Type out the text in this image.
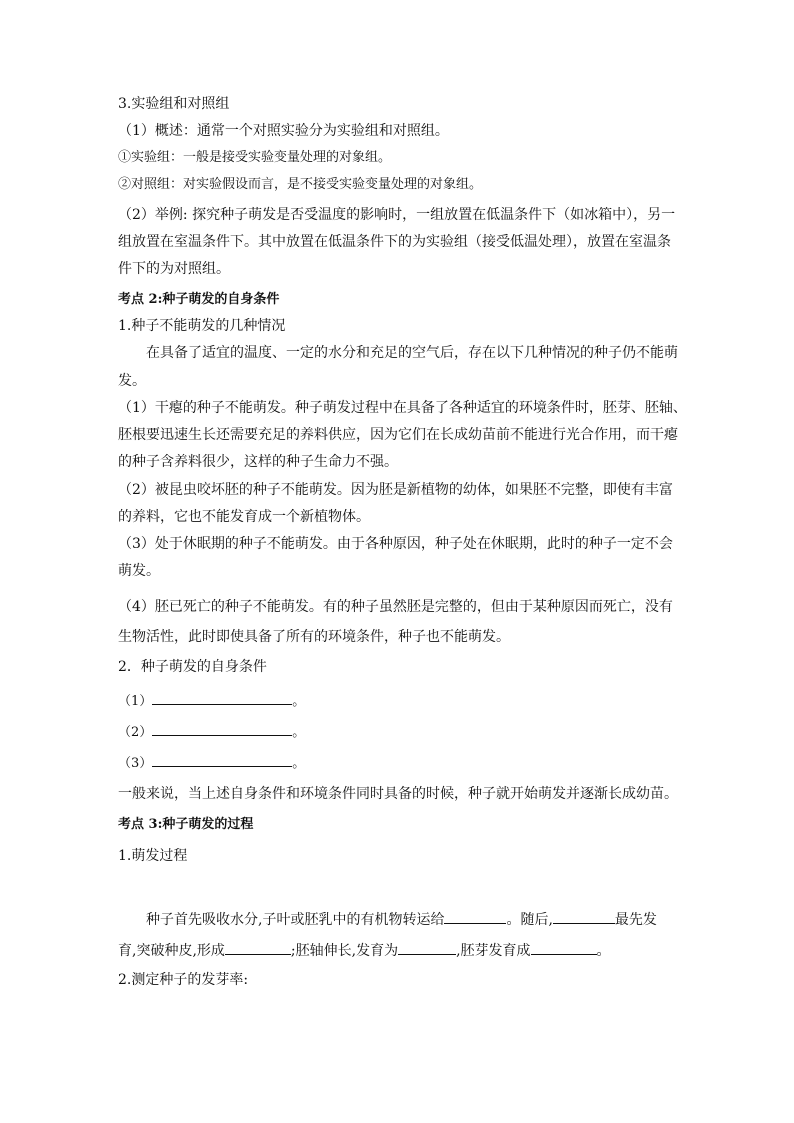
3.实验组和对照组
（1）概述：通常一个对照实验分为实验组和对照组。
①实验组：一般是接受实验变量处理的对象组。
②对照组：对实验假设而言，是不接受实验变量处理的对象组。
（2）举例: 探究种子萌发是否受温度的影响时，一组放置在低温条件下（如冰箱中），另一
组放置在室温条件下。其中放置在低温条件下的为实验组（接受低温处理），放置在室温条
件下的为对照组。
考点 2:种子萌发的自身条件
1.种子不能萌发的几种情况
在具备了适宜的温度、一定的水分和充足的空气后，存在以下几种情况的种子仍不能萌
发。
（1）干瘪的种子不能萌发。种子萌发过程中在具备了各种适宜的环境条件时，胚芽、胚轴、
胚根要迅速生长还需要充足的养料供应，因为它们在长成幼苗前不能进行光合作用，而干瘪
的种子含养料很少，这样的种子生命力不强。
（2）被昆虫咬坏胚的种子不能萌发。因为胚是新植物的幼体，如果胚不完整，即使有丰富
的养料，它也不能发育成一个新植物体。
（3）处于休眠期的种子不能萌发。由于各种原因，种子处在休眠期，此时的种子一定不会
萌发。
（4）胚已死亡的种子不能萌发。有的种子虽然胚是完整的，但由于某种原因而死亡，没有
生物活性，此时即使具备了所有的环境条件，种子也不能萌发。
2．种子萌发的自身条件
（1）	。
（2）	。
（3）	。
一般来说，当上述自身条件和环境条件同时具备的时候，种子就开始萌发并逐渐长成幼苗。
考点 3:种子萌发的过程
1.萌发过程
种子首先吸收水分,子叶或胚乳中的有机物转运给	。随后,	最先发
育,突破种皮,形成	;胚轴伸长,发育为	,胚芽发育成	。
2.测定种子的发芽率:
